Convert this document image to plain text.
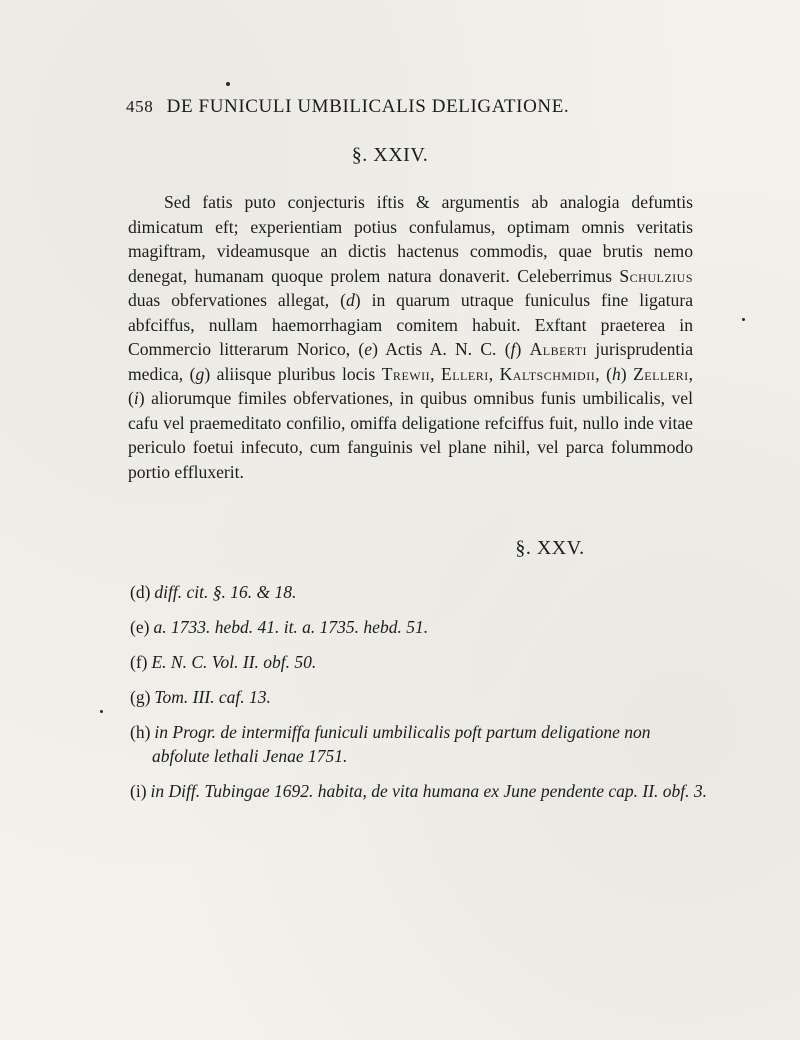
458 DE FUNICULI UMBILICALIS DELIGATIONE.
§. XXIV.

Sed fatis puto conjecturis iftis & argumentis ab analogia defumtis dimicatum eft; experientiam potius confulamus, optimam omnis veritatis magiftram, videamusque an dictis hactenus commodis, quae brutis nemo denegat, humanam quoque prolem natura donaverit. Celeberrimus Schulzius duas obfervationes allegat, (d) in quarum utraque funiculus fine ligatura abfciffus, nullam haemorrhagiam comitem habuit. Exftant praeterea in Commercio litterarum Norico, (e) Actis A. N. C. (f) Alberti jurisprudentia medica, (g) aliisque pluribus locis Trewii, Elleri, Kaltschmidii, (h) Zelleri, (i) aliorumque fimiles obfervationes, in quibus omnibus funis umbilicalis, vel cafu vel praemeditato confilio, omiffa deligatione refciffus fuit, nullo inde vitae periculo foetui infecuto, cum fanguinis vel plane nihil, vel parca folummodo portio effluxerit.

§. XXV.

(d) diff. cit. §. 16. & 18.

(e) a. 1733. hebd. 41. it. a. 1735. hebd. 51.

(f) E. N. C. Vol. II. obf. 50.

(g) Tom. III. caf. 13.

(h) in Progr. de intermiffa funiculi umbilicalis poft partum deligatione non abfolute lethali Jenae 1751.

(i) in Diff. Tubingae 1692. habita, de vita humana ex June pendente cap. II. obf. 3.
